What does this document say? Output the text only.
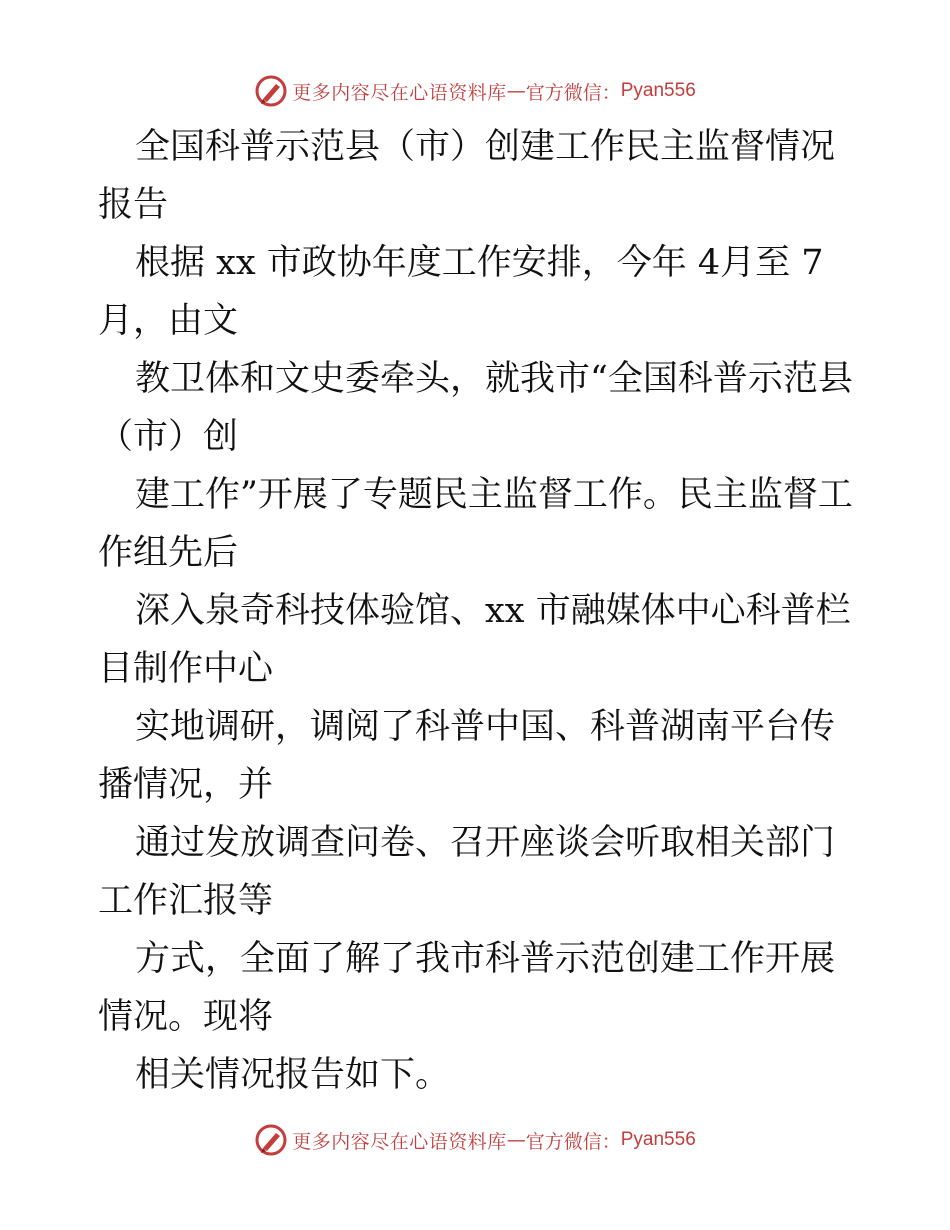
更多内容尽在心语资料库 — 官方微信： Pyan556

全国科普示范县（市）创建工作民主监督情况报告

根据 xx 市政协年度工作安排，今年 4月至 7月，由文

教卫体和文史委牵头，就我市“全国科普示范县（市）创

建工作”开展了专题民主监督工作。民主监督工作组先后

深入泉奇科技体验馆、xx 市融媒体中心科普栏目制作中心

实地调研，调阅了科普中国、科普湖南平台传播情况，并

通过发放调查问卷、召开座谈会听取相关部门工作汇报等

方式，全面了解了我市科普示范创建工作开展情况。现将

相关情况报告如下。

更多内容尽在心语资料库 — 官方微信： Pyan556
